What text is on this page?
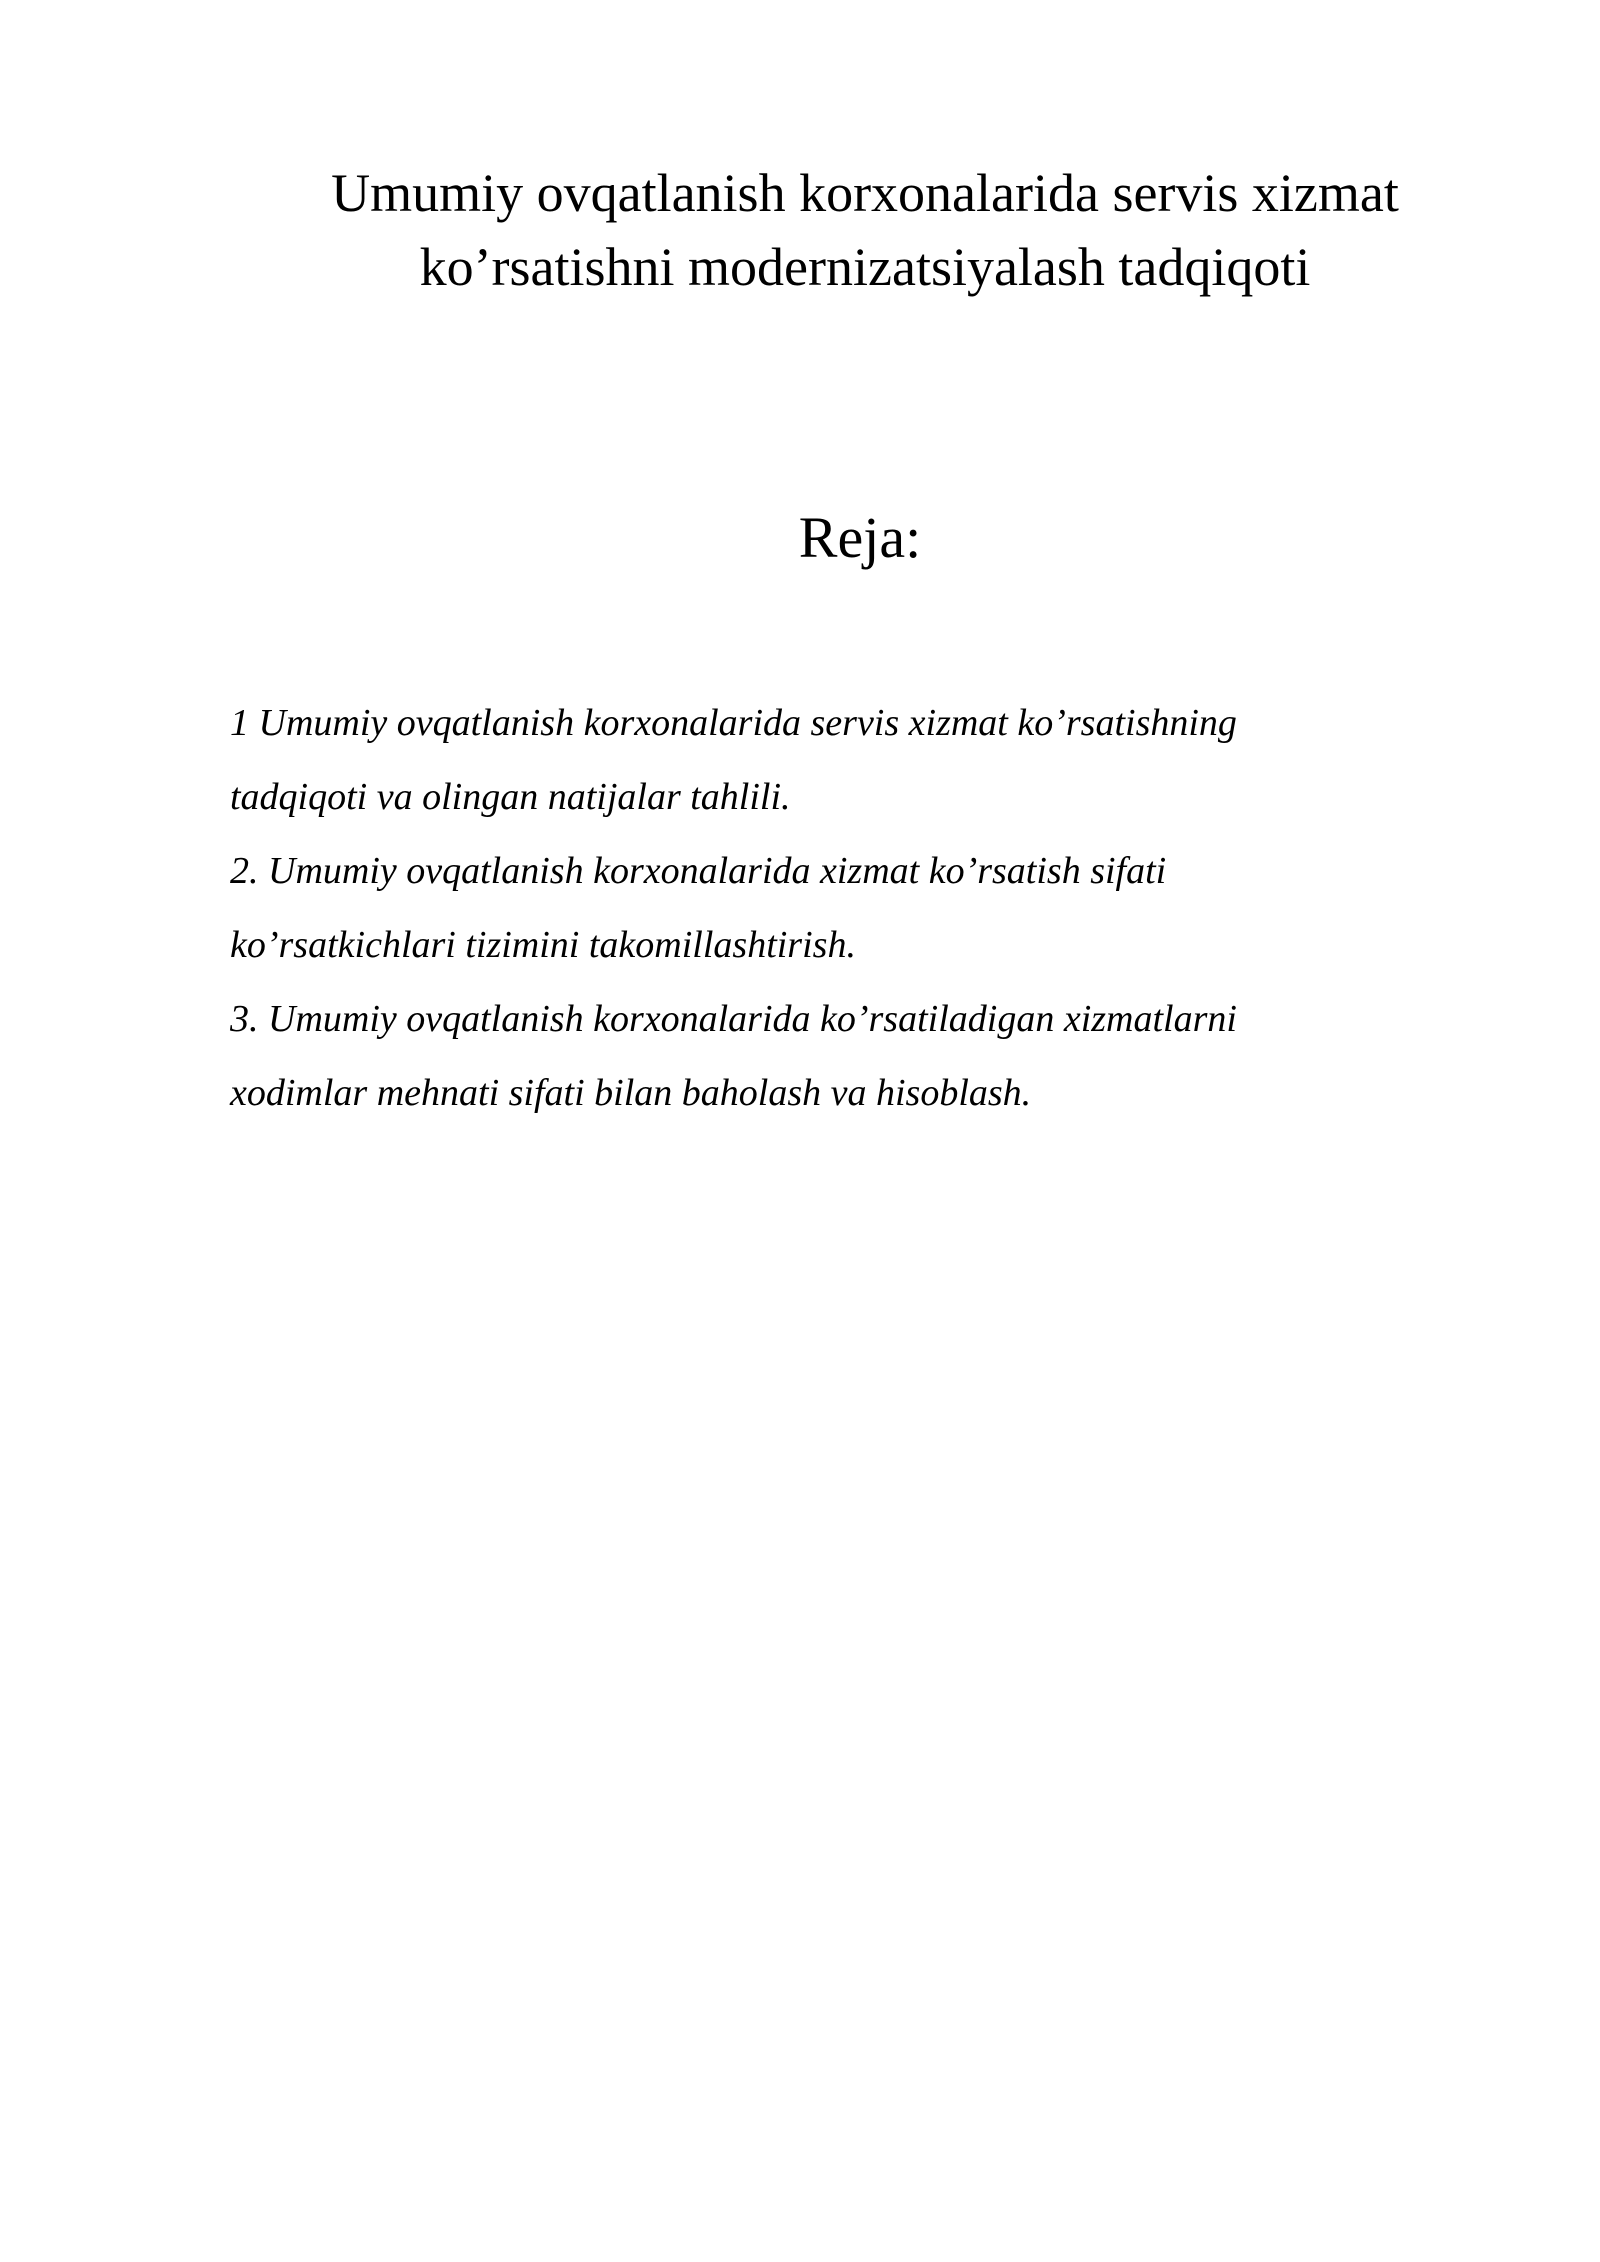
Umumiy ovqatlanish korxonalarida servis xizmat
ko’rsatishni modernizatsiyalash tadqiqoti
Reja:
1 Umumiy ovqatlanish korxonalarida servis xizmat ko’rsatishning
tadqiqoti va olingan natijalar tahlili.
2. Umumiy ovqatlanish korxonalarida xizmat ko’rsatish sifati
ko’rsatkichlari tizimini takomillashtirish.
3. Umumiy ovqatlanish korxonalarida ko’rsatiladigan xizmatlarni
xodimlar mehnati sifati bilan baholash va hisoblash.
